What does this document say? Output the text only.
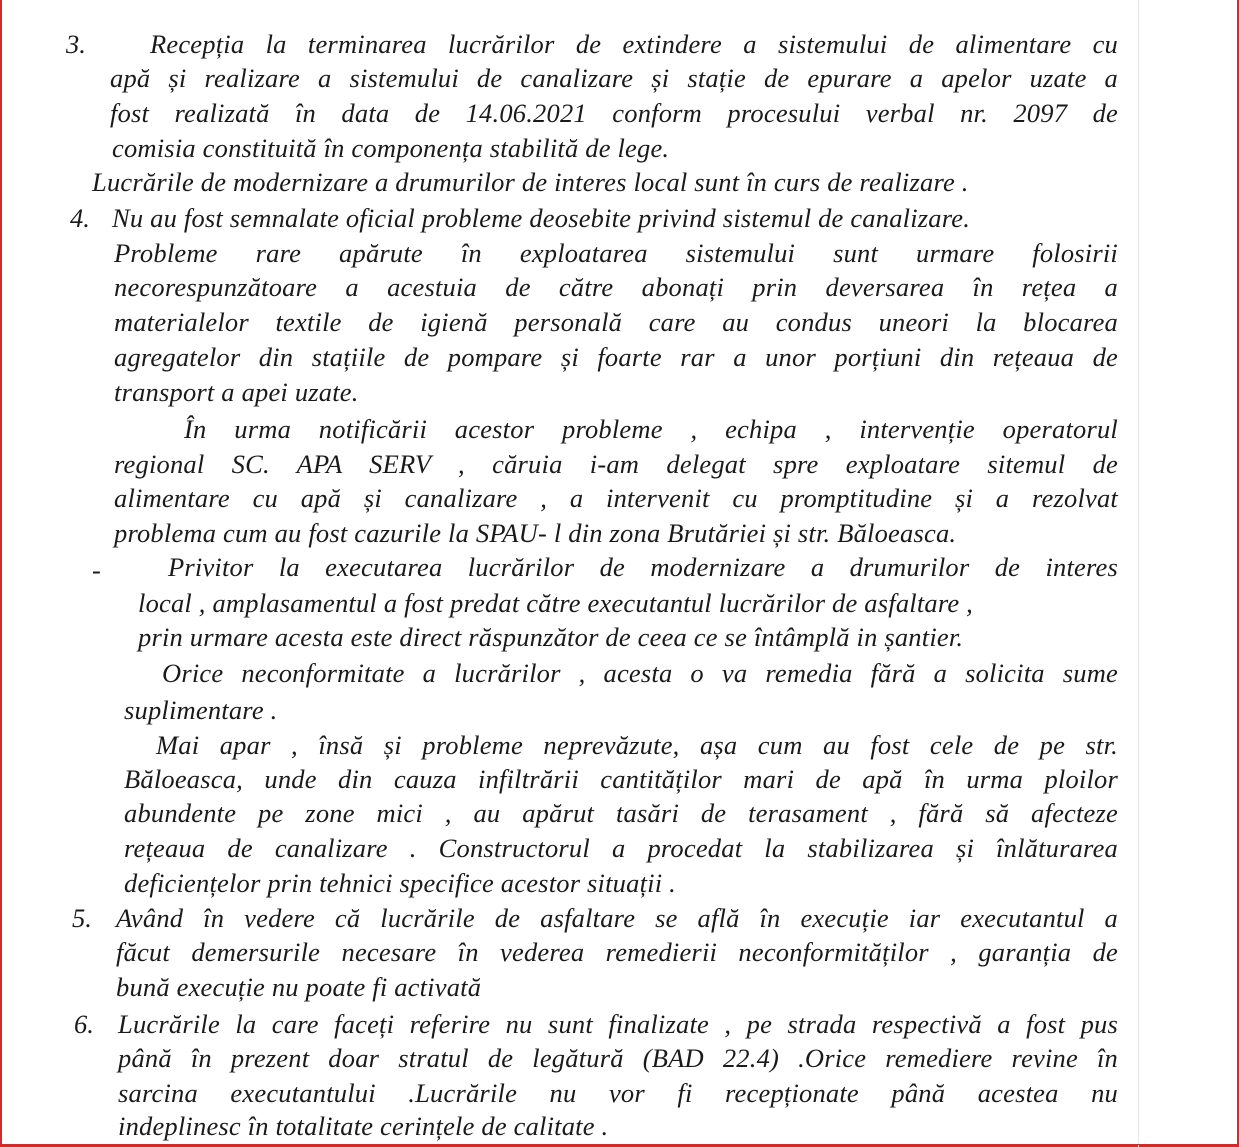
3. Recepția la terminarea lucrărilor de extindere a sistemului de alimentare cu
apă și realizare a sistemului de canalizare și stație de epurare a apelor uzate a
fost realizată în data de 14.06.2021 conform procesului verbal nr. 2097 de
comisia constituită în componența stabilită de lege.
Lucrările de modernizare a drumurilor de interes local sunt în curs de realizare .
4. Nu au fost semnalate oficial probleme deosebite privind sistemul de canalizare.
Probleme rare apărute în exploatarea sistemului sunt urmare folosirii
necorespunzătoare a acestuia de către abonați prin deversarea în rețea a
materialelor textile de igienă personală care au condus uneori la blocarea
agregatelor din stațiile de pompare și foarte rar a unor porțiuni din rețeaua de
transport a apei uzate.
În urma notificării acestor probleme , echipa , intervenție operatorul
regional SC. APA SERV , căruia i-am delegat spre exploatare sitemul de
alimentare cu apă și canalizare , a intervenit cu promptitudine și a rezolvat
problema cum au fost cazurile la SPAU- l din zona Brutăriei și str. Băloeasca.
-	Privitor la executarea lucrărilor de modernizare a drumurilor de interes
local , amplasamentul a fost predat către executantul lucrărilor de asfaltare ,
prin urmare acesta este direct răspunzător de ceea ce se întâmplă in șantier.
Orice neconformitate a lucrărilor , acesta o va remedia fără a solicita sume
suplimentare .
Mai apar , însă și probleme neprevăzute, așa cum au fost cele de pe str.
Băloeasca, unde din cauza infiltrării cantităților mari de apă în urma ploilor
abundente pe zone mici , au apărut tasări de terasament , fără să afecteze
rețeaua de canalizare . Constructorul a procedat la stabilizarea și înlăturarea
deficiențelor prin tehnici specifice acestor situații .
5. Având în vedere că lucrările de asfaltare se află în execuție iar executantul a
făcut demersurile necesare în vederea remedierii neconformităților , garanția de
bună execuție nu poate fi activată
6. Lucrările la care faceți referire nu sunt finalizate , pe strada respectivă a fost pus
până în prezent doar stratul de legătură (BAD 22.4) .Orice remediere revine în
sarcina executantului .Lucrările nu vor fi recepționate până acestea nu
indeplinesc în totalitate cerințele de calitate .
